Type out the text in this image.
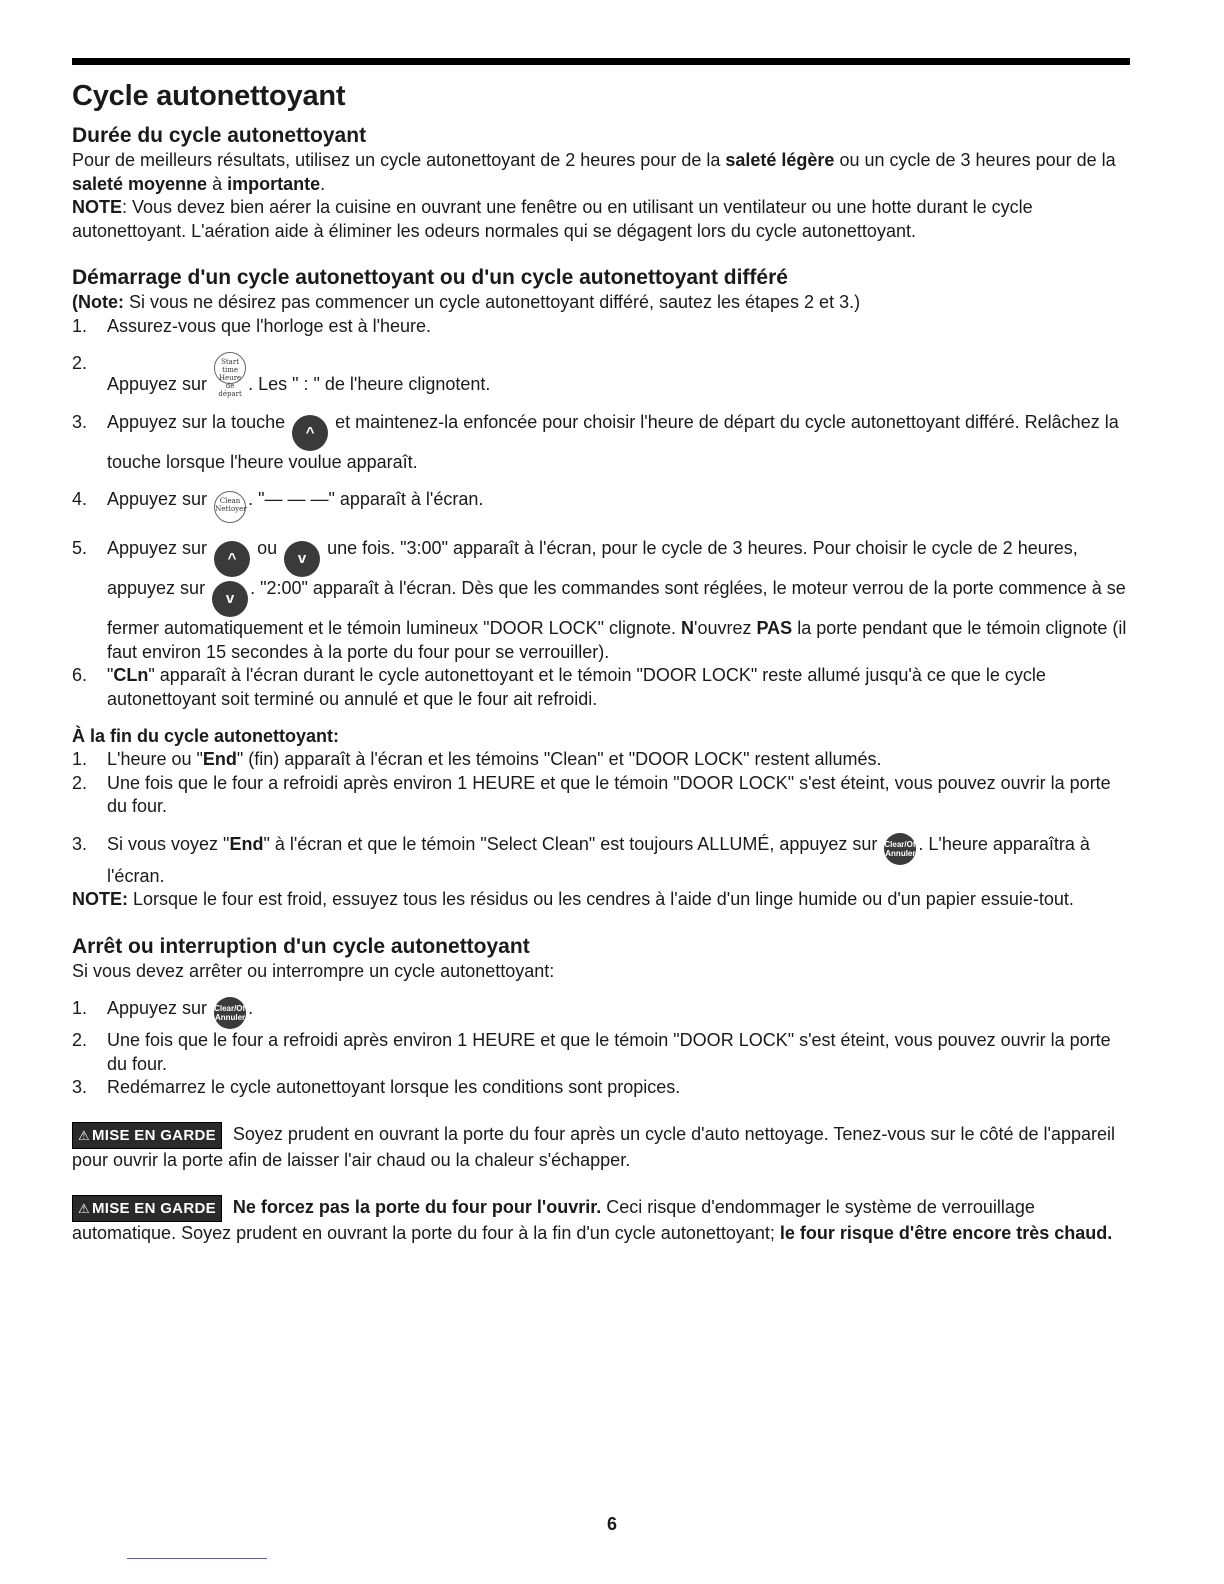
Cycle autonettoyant
Durée du cycle autonettoyant

Pour de meilleurs résultats, utilisez un cycle autonettoyant de 2 heures pour de la saleté légère ou un cycle de 3 heures pour de la saleté moyenne à importante.

NOTE: Vous devez bien aérer la cuisine en ouvrant une fenêtre ou en utilisant un ventilateur ou une hotte durant le cycle autonettoyant. L'aération aide à éliminer les odeurs normales qui se dégagent lors du cycle autonettoyant.

Démarrage d'un cycle autonettoyant ou d'un cycle autonettoyant différé

(Note: Si vous ne désirez pas commencer un cycle autonettoyant différé, sautez les étapes 2 et 3.)

1.	Assurez-vous que l'horloge est à l'heure.
2.
Appuyez sur Start time
Heure de
départ . Les " : " de l'heure clignotent.
3.	Appuyez sur la touche ^ et maintenez-la enfoncée pour choisir l'heure de départ du cycle autonettoyant différé. Relâchez la touche lorsque l'heure voulue apparaît.
4.	Appuyez sur Clean
Nettoyer. "— — —" apparaît à l'écran.
5.	Appuyez sur ^ ou v une fois. "3:00" apparaît à l'écran, pour le cycle de 3 heures. Pour choisir le cycle de 2 heures, appuyez sur v. "2:00" apparaît à l'écran. Dès que les commandes sont réglées, le moteur verrou de la porte commence à se fermer automatiquement et le témoin lumineux "DOOR LOCK" clignote. N'ouvrez PAS la porte pendant que le témoin clignote (il faut environ 15 secondes à la porte du four pour se verrouiller).
6.	"CLn" apparaît à l'écran durant le cycle autonettoyant et le témoin "DOOR LOCK" reste allumé jusqu'à ce que le cycle autonettoyant soit terminé ou annulé et que le four ait refroidi.
À la fin du cycle autonettoyant:
1.	L'heure ou "End" (fin) apparaît à l'écran et les témoins "Clean" et "DOOR LOCK" restent allumés.
2.	Une fois que le four a refroidi après environ 1 HEURE et que le témoin "DOOR LOCK" s'est éteint, vous pouvez ouvrir la porte du four.
3.	Si vous voyez "End" à l'écran et que le témoin "Select Clean" est toujours ALLUMÉ, appuyez sur Clear/Off
Annuler . L'heure apparaîtra à l'écran.

NOTE: Lorsque le four est froid, essuyez tous les résidus ou les cendres à l'aide d'un linge humide ou d'un papier essuie-tout.

Arrêt ou interruption d'un cycle autonettoyant

Si vous devez arrêter ou interrompre un cycle autonettoyant:

1.	Appuyez sur Clear/Off
Annuler .
2.	Une fois que le four a refroidi après environ 1 HEURE et que le témoin "DOOR LOCK" s'est éteint, vous pouvez ouvrir la porte du four.
3.	Redémarrez le cycle autonettoyant lorsque les conditions sont propices.

⚠ MISE EN GARDE Soyez prudent en ouvrant la porte du four après un cycle d'auto nettoyage. Tenez-vous sur le côté de l'appareil pour ouvrir la porte afin de laisser l'air chaud ou la chaleur s'échapper.

⚠ MISE EN GARDE Ne forcez pas la porte du four pour l'ouvrir. Ceci risque d'endommager le système de verrouillage automatique. Soyez prudent en ouvrant la porte du four à la fin d'un cycle autonettoyant; le four risque d'être encore très chaud.

6
